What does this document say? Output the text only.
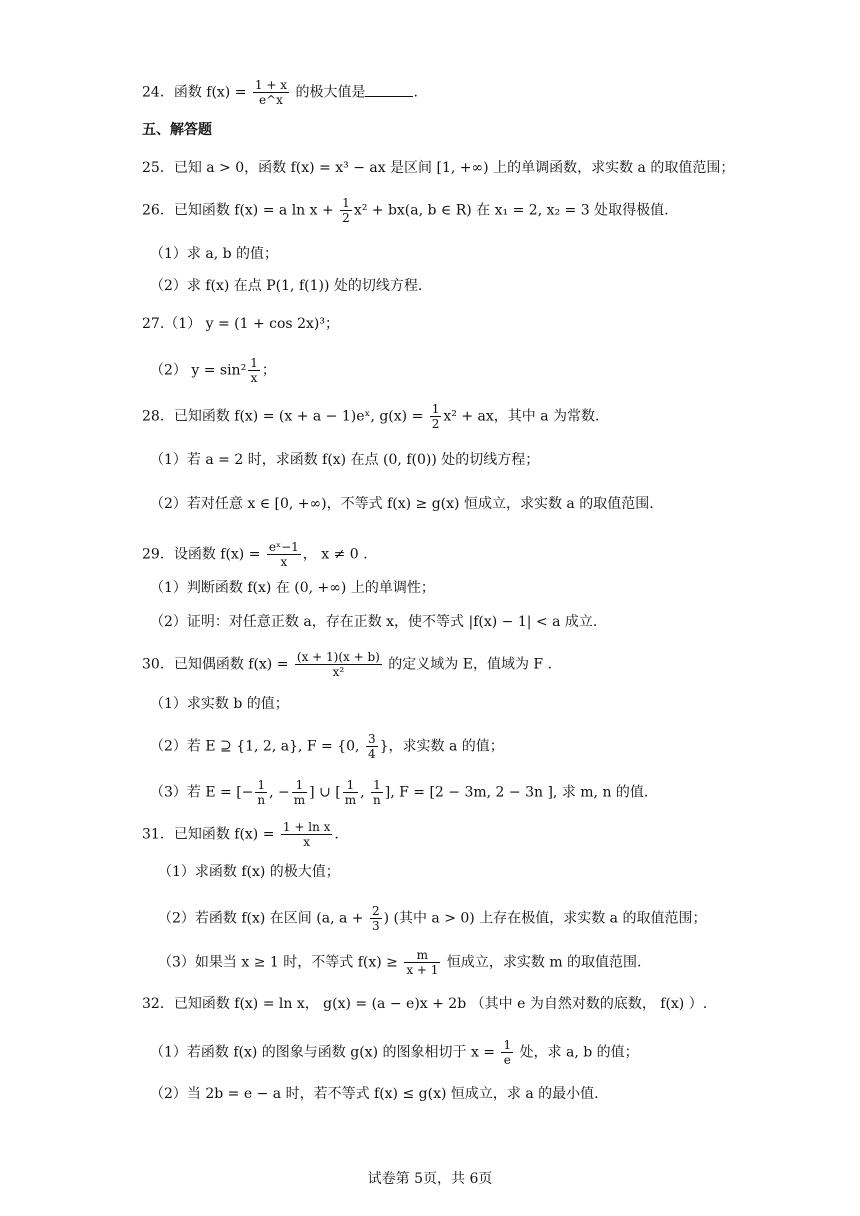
24．函数 $f(x) = \frac{1 + x}{e\^{}x}$ 的极大值是	.
五、解答题
25．已知 a > 0，函数 f(x) = x³ − ax 是区间 [1, +∞) 上的单调函数，求实数 a 的取值范围；
26．已知函数 f(x) = a $\ln x + \frac{1}{2} x^2 + bx(a$, b ∈ R) 在 x₁ = 2, x₂ = 3 处取得极值.
（1）求 a, b 的值；
（2）求 f(x) 在点 P(1, f(1)) 处的切线方程.
27.（1） y = (1 + cos 2x)³；
（2） $y = \sin^2 \frac{1}{x}$ ；
28．已知函数 f(x) = (x + a − 1)eˣ, $g(x) = \frac{1}{2} x^2$ + ax，其中 a 为常数.
（1）若 a = 2 时，求函数 f(x) 在点 (0, f(0)) 处的切线方程；
（2）若对任意 x ∈ [0, +∞)，不等式 f(x) ≥ g(x) 恒成立，求实数 a 的取值范围.
29．设函数 $f(x) = \frac{\text{eˣ−1}}{x}$ ， x ≠ 0 .
（1）判断函数 f(x) 在 (0, +∞) 上的单调性；
（2）证明：对任意正数 a，存在正数 x，使不等式 |f(x) − 1| < a 成立.
30．已知偶函数 $f(x) = \frac{(x + 1)(x + b)}{\text{x²}}$ 的定义域为 E，值域为 F .
（1）求实数 b 的值；
（2）若 E ⊇ {1, 2, a}, F = {0, $\frac{3}{4}$ }，求实数 a 的值；
（3）若 E = [− $\frac{1}{n}$ , − $\frac{1}{m}$ ] ∪ [ $\frac{1}{m}$ , $\frac{1}{n}$ ], F = [2 − 3m, 2 − 3n ], 求 m, n 的值.
31．已知函数 $f(x) = \frac{\text{1 + ln x}}{x}$ .
（1）求函数 f(x) 的极大值；
（2）若函数 f(x) 在区间 (a, $a + \frac{2}{3}$ ) (其中 a > 0) 上存在极值，求实数 a 的取值范围；
（3）如果当 x ≥ 1 时，不等式 $f(x) \ge \frac{m}{x + 1}$ 恒成立，求实数 m 的取值范围.
32．已知函数 f(x) = ln x， g(x) = (a − e)x + 2b （其中 e 为自然对数的底数， f(x) ）.
（1）若函数 f(x) 的图象与函数 g(x) 的图象相切于 $x = \frac{1}{e}$ 处，求 a, b 的值；
（2）当 2b = e − a 时，若不等式 f(x) ≤ g(x) 恒成立，求 a 的最小值.
试卷第 5页，共 6页
